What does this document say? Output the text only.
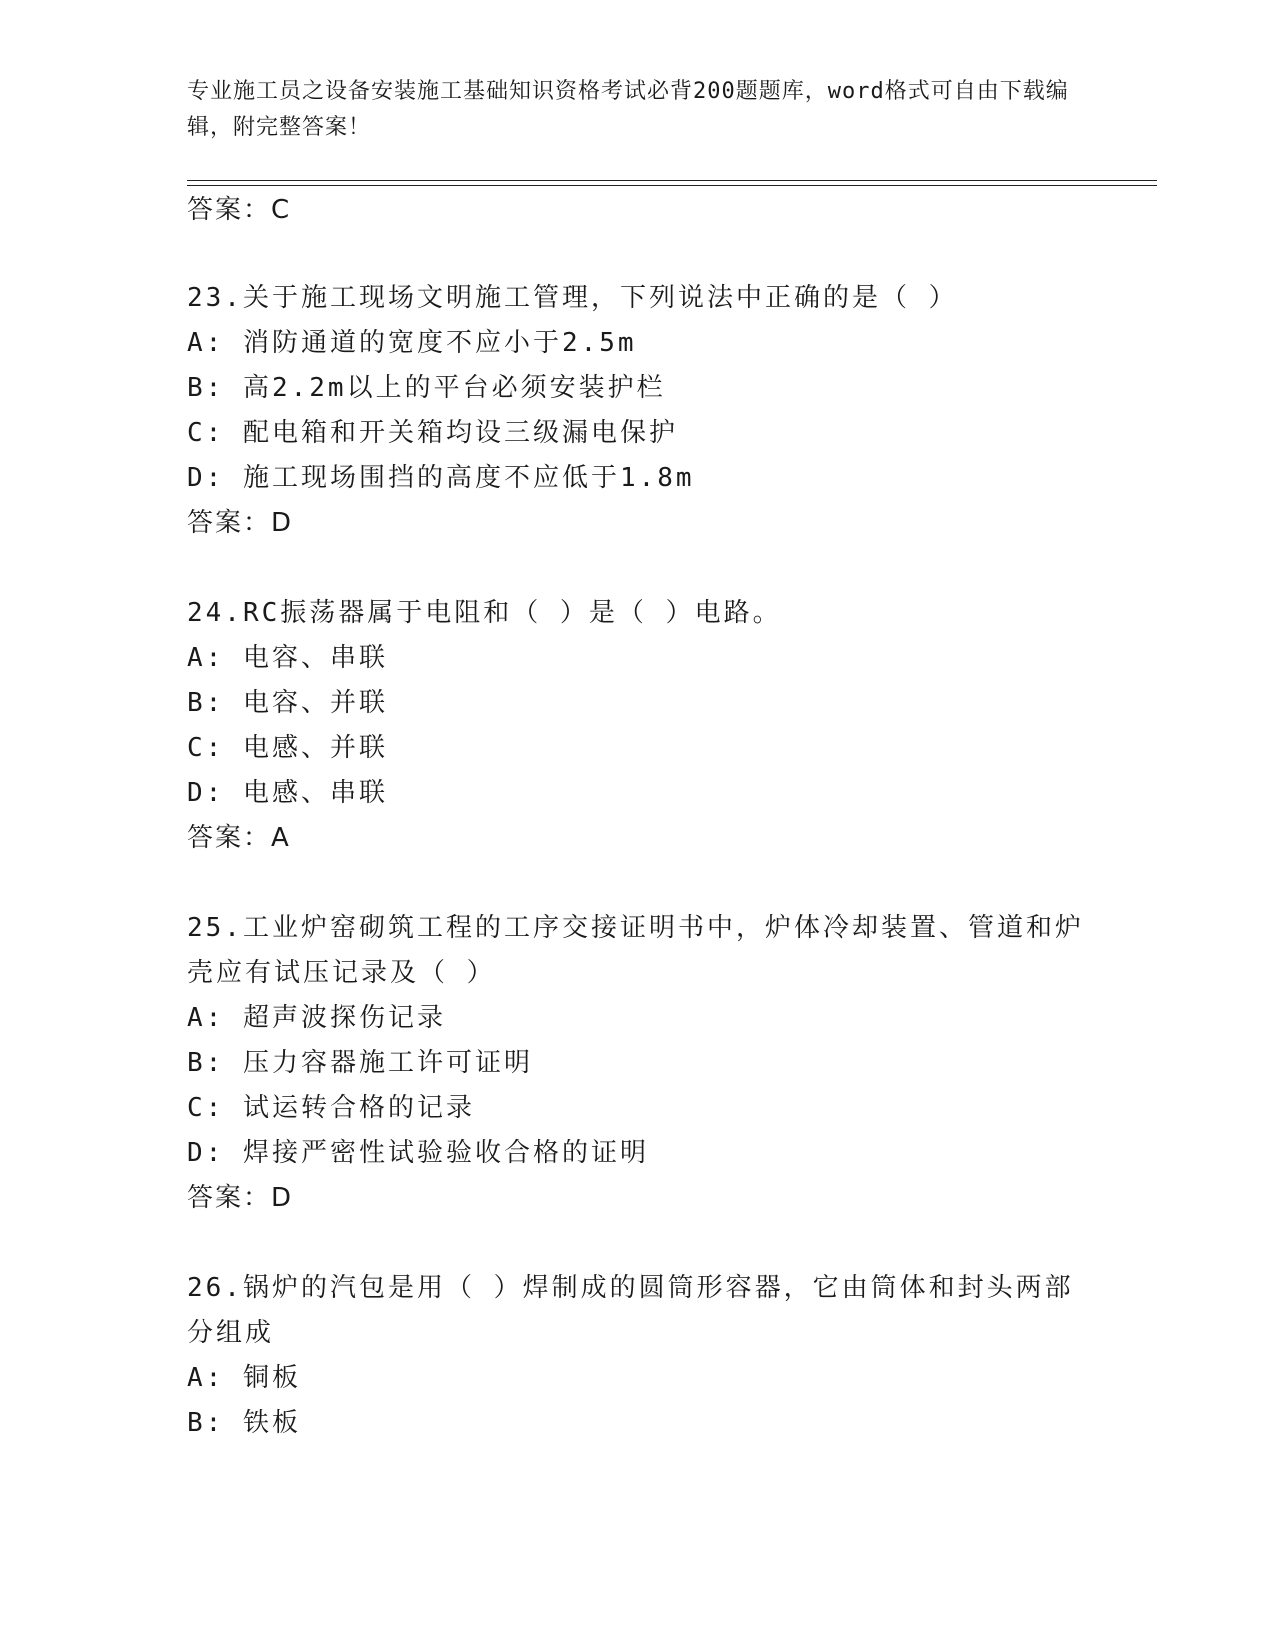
专业施工员之设备安装施工基础知识资格考试必背200题题库，word格式可自由下载编辑，附完整答案！
答案：C
23.关于施工现场文明施工管理，下列说法中正确的是（ ）
A: 消防通道的宽度不应小于2.5m
B: 高2.2m以上的平台必须安装护栏
C: 配电箱和开关箱均设三级漏电保护
D: 施工现场围挡的高度不应低于1.8m
答案：D
24.RC振荡器属于电阻和（ ）是（ ）电路。
A: 电容、串联
B: 电容、并联
C: 电感、并联
D: 电感、串联
答案：A
25.工业炉窑砌筑工程的工序交接证明书中，炉体冷却装置、管道和炉
壳应有试压记录及（ ）
A: 超声波探伤记录
B: 压力容器施工许可证明
C: 试运转合格的记录
D: 焊接严密性试验验收合格的证明
答案：D
26.锅炉的汽包是用（ ）焊制成的圆筒形容器，它由筒体和封头两部
分组成
A: 铜板
B: 铁板
